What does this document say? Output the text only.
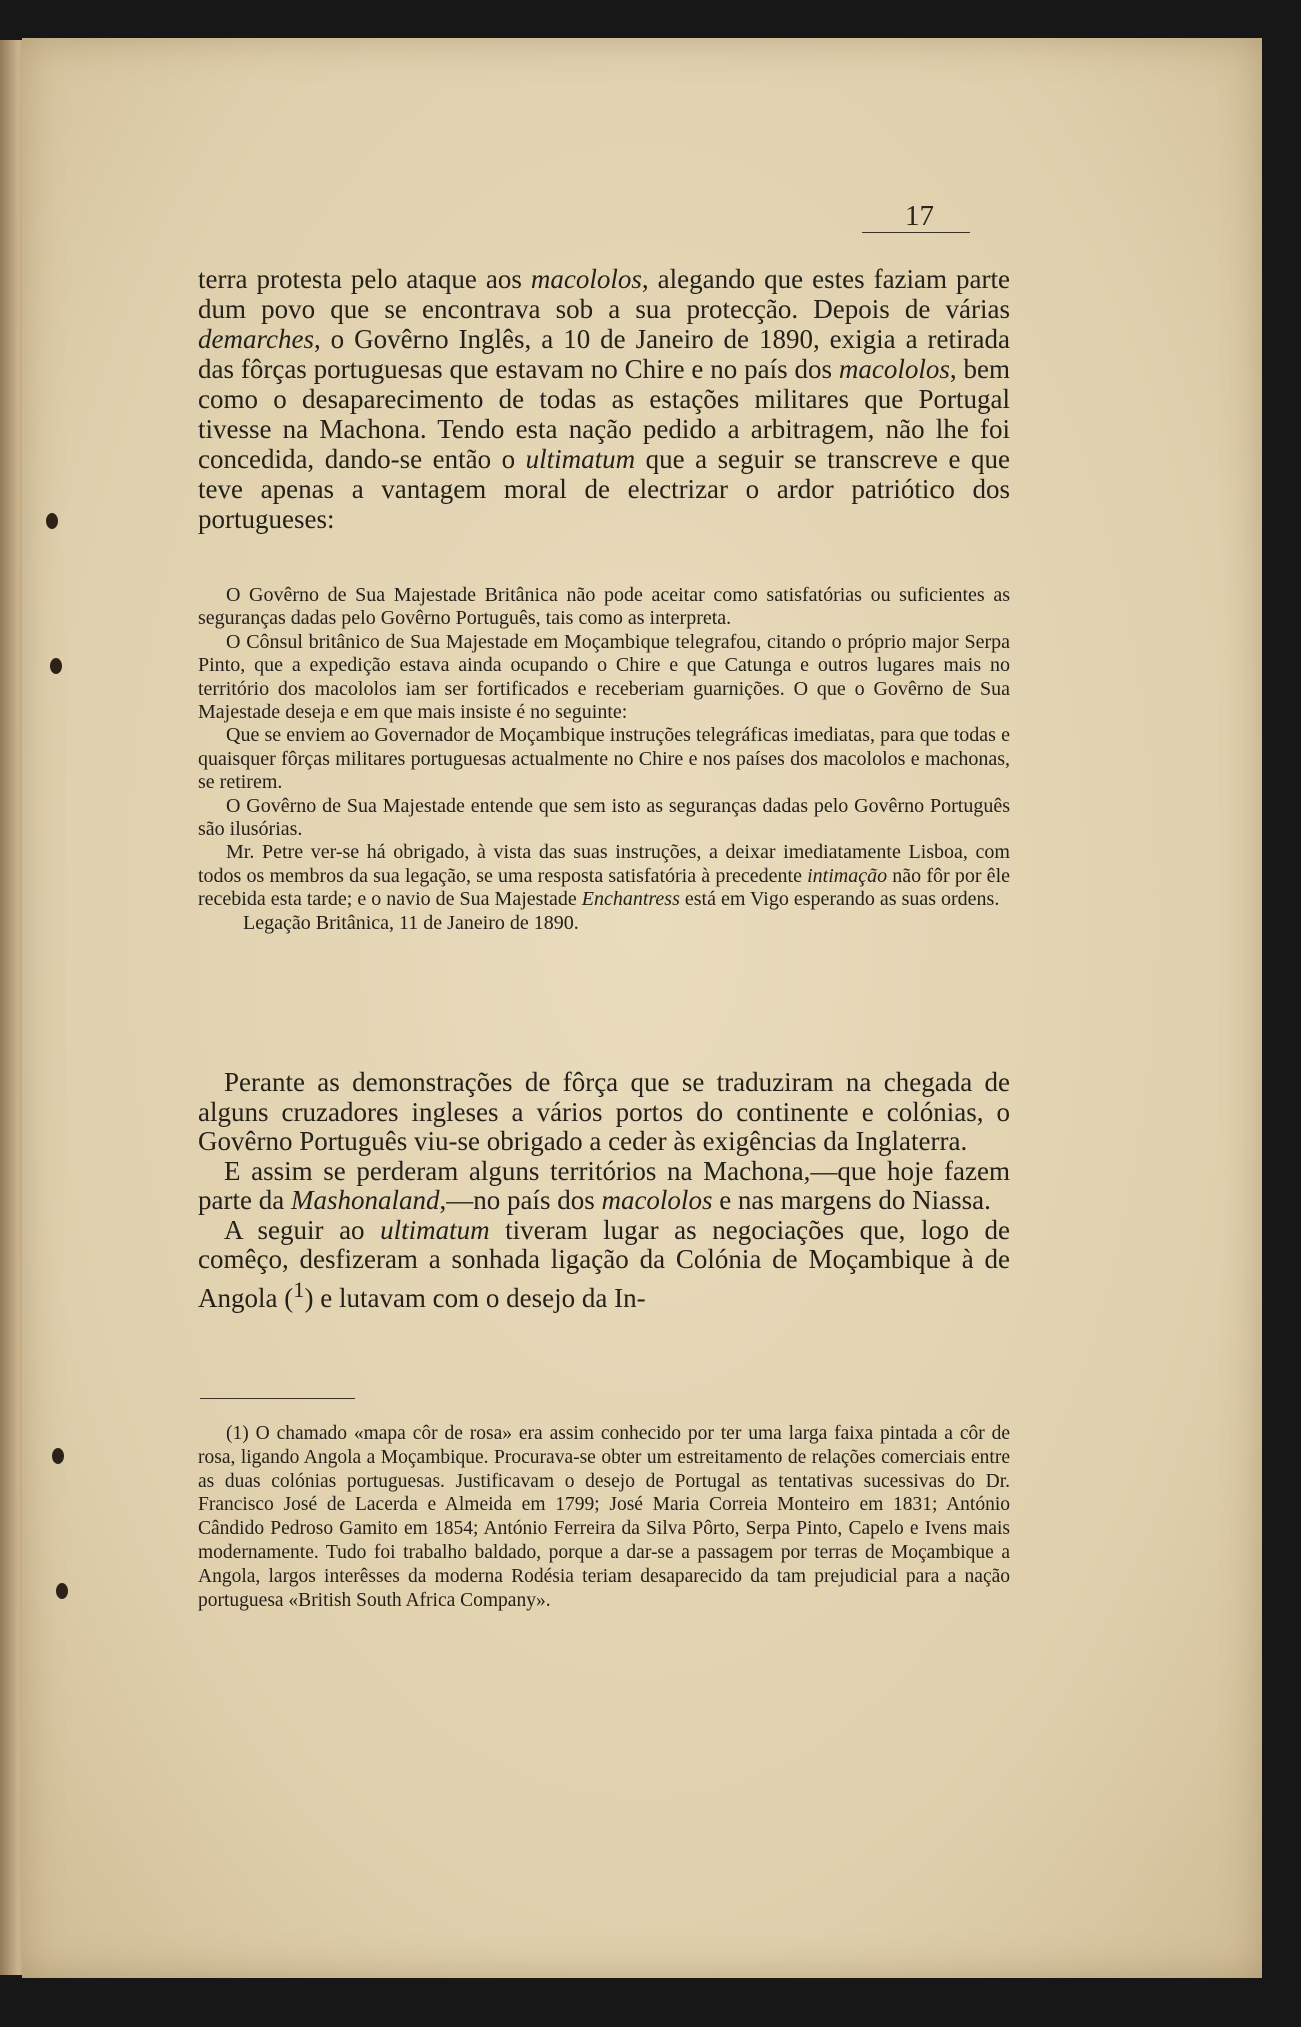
17
terra protesta pelo ataque aos macololos, alegando que estes faziam parte dum povo que se encontrava sob a sua protecção. Depois de várias demarches, o Govêrno Inglês, a 10 de Janeiro de 1890, exigia a retirada das fôrças portuguesas que estavam no Chire e no país dos macololos, bem como o desaparecimento de todas as estações militares que Portugal tivesse na Machona. Tendo esta nação pedido a arbitragem, não lhe foi concedida, dando-se então o ultimatum que a seguir se transcreve e que teve apenas a vantagem moral de electrizar o ardor patriótico dos portugueses:

O Govêrno de Sua Majestade Britânica não pode aceitar como satisfatórias ou suficientes as seguranças dadas pelo Govêrno Português, tais como as interpreta.

O Cônsul britânico de Sua Majestade em Moçambique telegrafou, citando o próprio major Serpa Pinto, que a expedição estava ainda ocupando o Chire e que Catunga e outros lugares mais no território dos macololos iam ser fortificados e receberiam guarnições. O que o Govêrno de Sua Majestade deseja e em que mais insiste é no seguinte:

Que se enviem ao Governador de Moçambique instruções telegráficas imediatas, para que todas e quaisquer fôrças militares portuguesas actualmente no Chire e nos países dos macololos e machonas, se retirem.

O Govêrno de Sua Majestade entende que sem isto as seguranças dadas pelo Govêrno Português são ilusórias.

Mr. Petre ver-se há obrigado, à vista das suas instruções, a deixar imediatamente Lisboa, com todos os membros da sua legação, se uma resposta satisfatória à precedente intimação não fôr por êle recebida esta tarde; e o navio de Sua Majestade Enchantress está em Vigo esperando as suas ordens.

Legação Britânica, 11 de Janeiro de 1890.

Perante as demonstrações de fôrça que se traduziram na chegada de alguns cruzadores ingleses a vários portos do continente e colónias, o Govêrno Português viu-se obrigado a ceder às exigências da Inglaterra.

E assim se perderam alguns territórios na Machona,—que hoje fazem parte da Mashonaland,—no país dos macololos e nas margens do Niassa.

A seguir ao ultimatum tiveram lugar as negociações que, logo de comêço, desfizeram a sonhada ligação da Colónia de Moçambique à de Angola ($^1$) e lutavam com o desejo da In-

(1) O chamado «mapa côr de rosa» era assim conhecido por ter uma larga faixa pintada a côr de rosa, ligando Angola a Moçambique. Procurava-se obter um estreitamento de relações comerciais entre as duas colónias portuguesas. Justificavam o desejo de Portugal as tentativas sucessivas do Dr. Francisco José de Lacerda e Almeida em 1799; José Maria Correia Monteiro em 1831; António Cândido Pedroso Gamito em 1854; António Ferreira da Silva Pôrto, Serpa Pinto, Capelo e Ivens mais modernamente. Tudo foi trabalho baldado, porque a dar-se a passagem por terras de Moçambique a Angola, largos interêsses da moderna Rodésia teriam desaparecido da tam prejudicial para a nação portuguesa «British South Africa Company».
